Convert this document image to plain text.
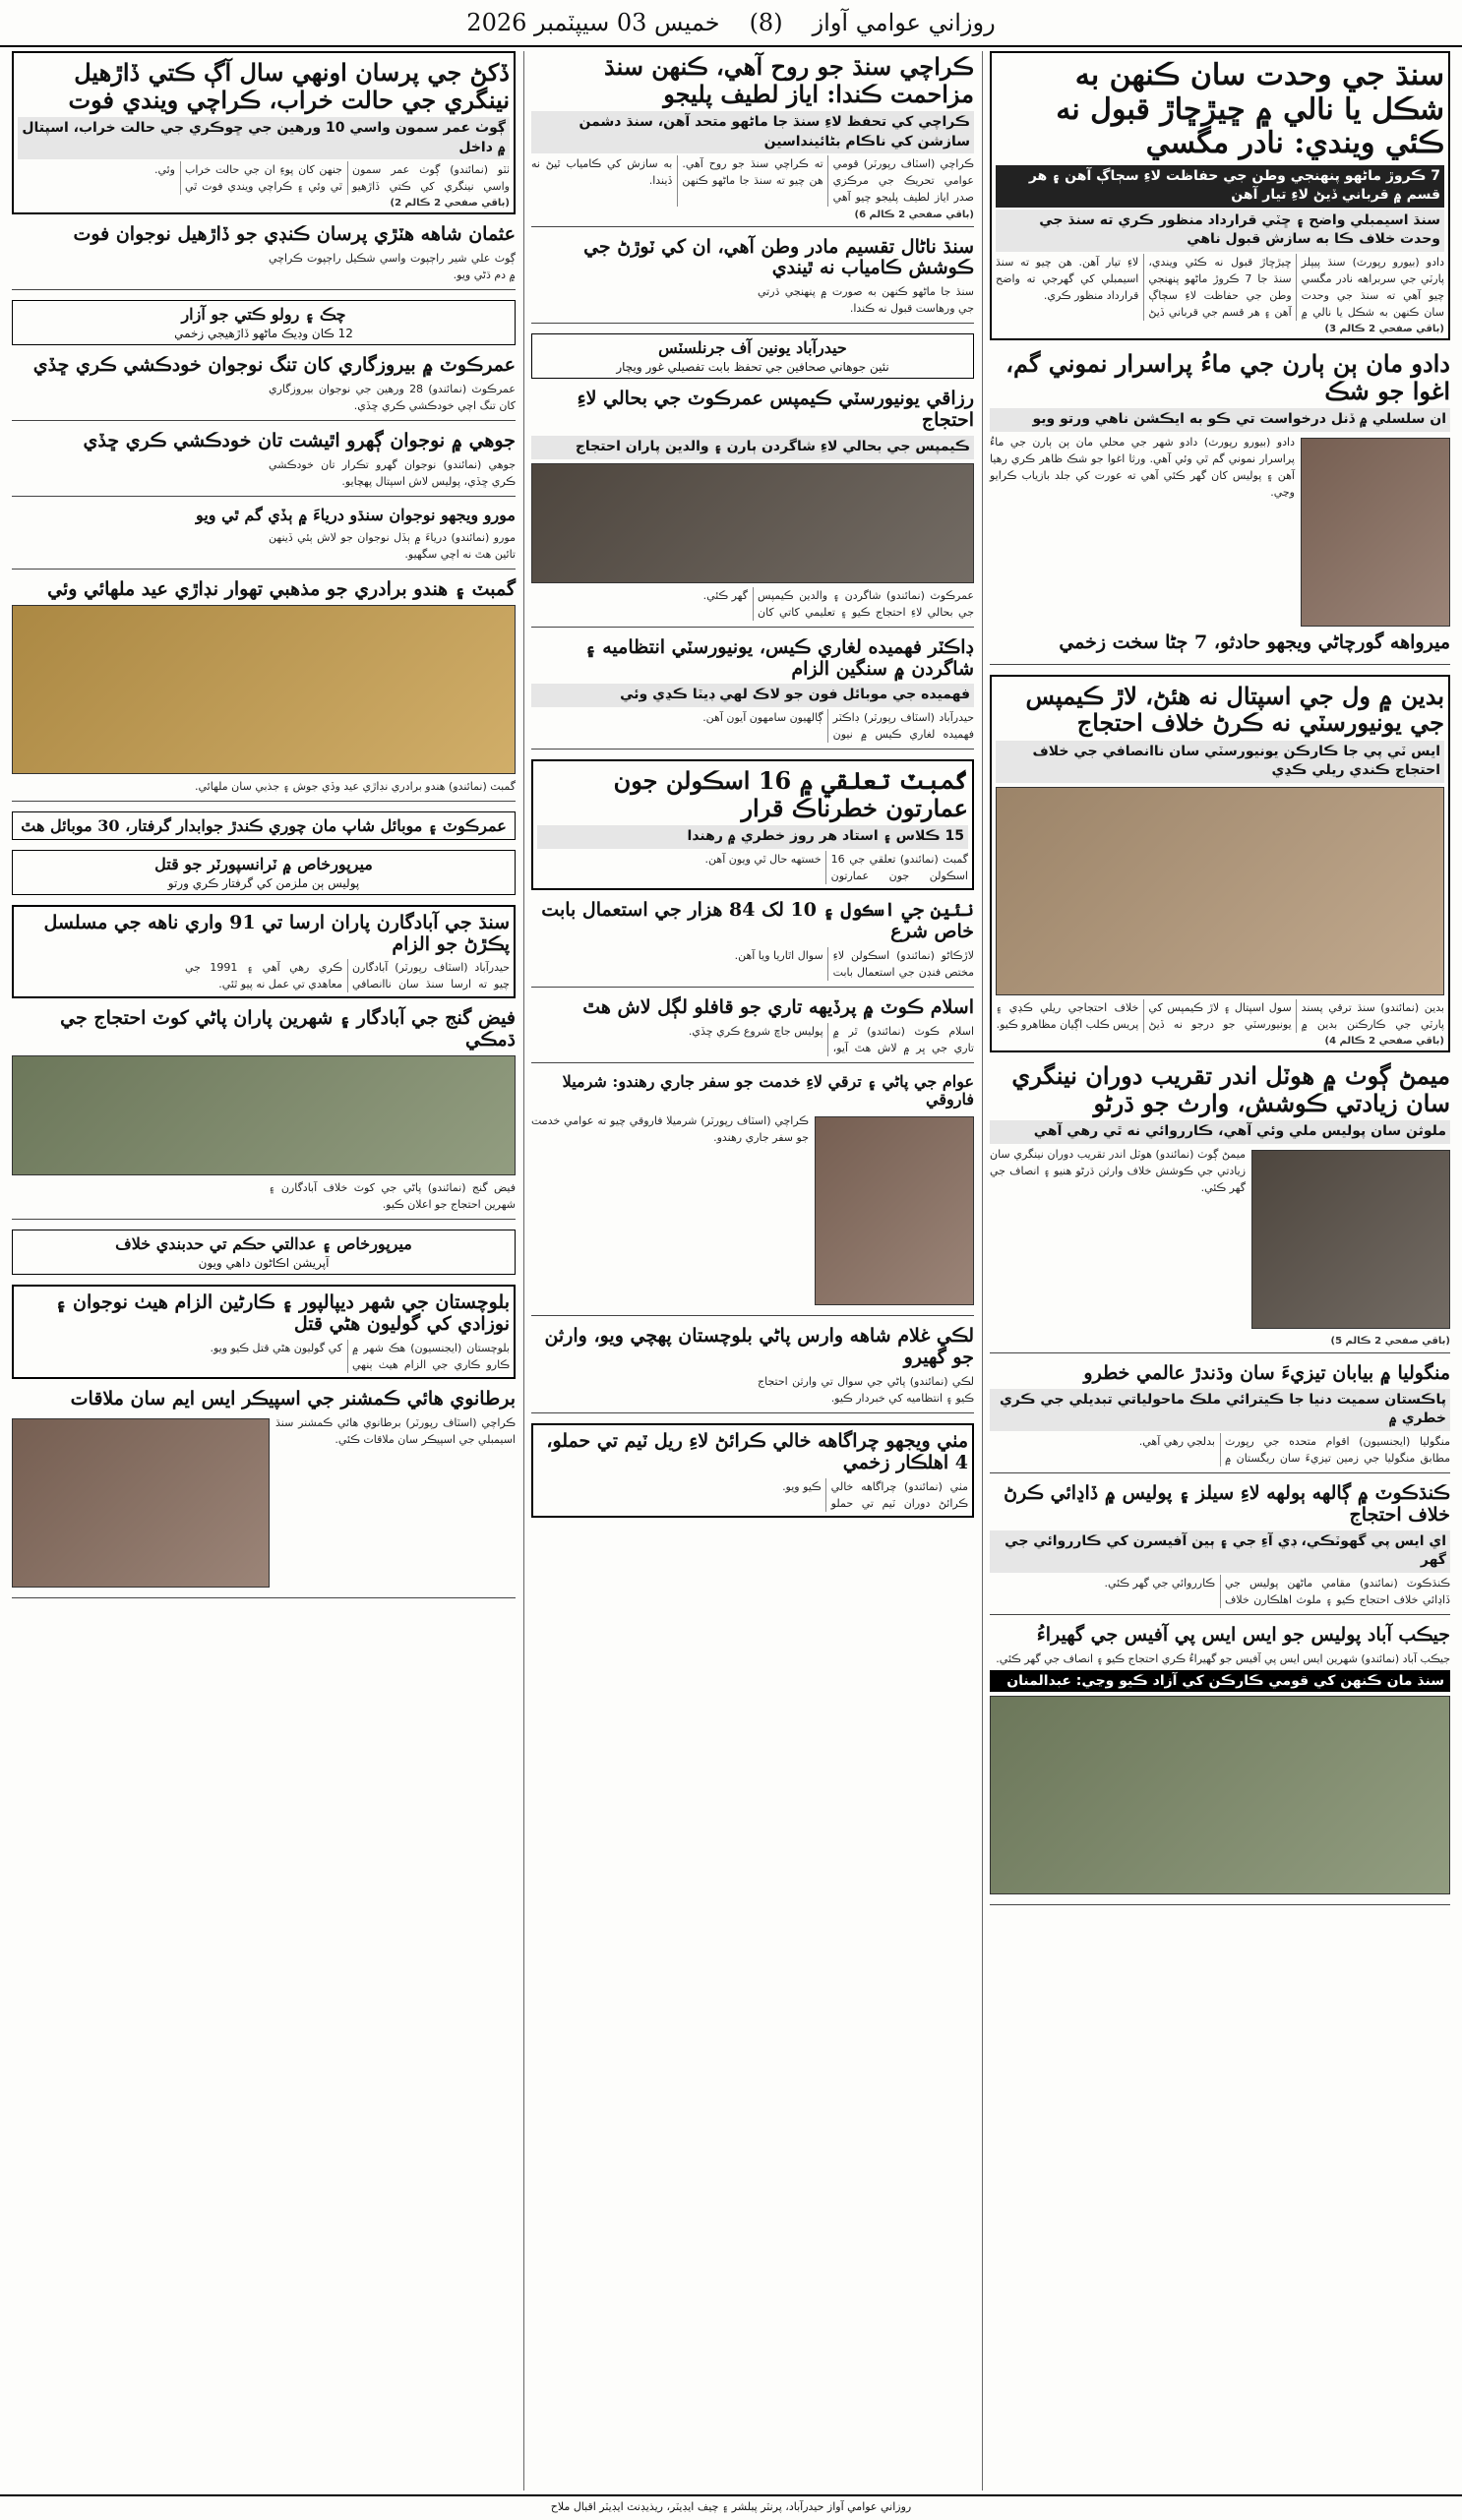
خميس 03 سيپٽمبر 2026 (8) روزاني عوامي آواز
سنڌ جي وحدت سان ڪنهن به شڪل يا نالي ۾ ڇيڙڇاڙ قبول نه ڪئي ويندي: نادر مگسي
7 ڪروڙ ماڻهو پنهنجي وطن جي حفاظت لاءِ سڄاڳ آهن ۽ هر قسم ۾ قرباني ڏيڻ لاءِ تيار آهن
سنڌ اسيمبلي واضح ۽ ڇٽي قرارداد منظور ڪري ته سنڌ جي وحدت خلاف ڪا به سازش قبول ناهي
دادو (بيورو رپورٽ) سنڌ پيپلز پارٽي جي سربراهه نادر مگسي چيو آهي ته سنڌ جي وحدت سان ڪنهن به شڪل يا نالي ۾ ڇيڙڇاڙ قبول نه ڪئي ويندي، سنڌ جا 7 ڪروڙ ماڻهو پنهنجي وطن جي حفاظت لاءِ سڄاڳ آهن ۽ هر قسم جي قرباني ڏيڻ لاءِ تيار آهن. هن چيو ته سنڌ اسيمبلي کي گهرجي ته واضح قرارداد منظور ڪري.
(باقي صفحي 2 ڪالم 3)
دادو مان ٻن ٻارن جي ماءُ پراسرار نموني گم، اغوا جو شڪ
ان سلسلي ۾ ڏنل درخواست تي ڪو به ايڪشن ناهي ورتو ويو
دادو (بيورو رپورٽ) دادو شهر جي محلي مان ٻن ٻارن جي ماءُ پراسرار نموني گم ٿي وئي آهي. ورثا اغوا جو شڪ ظاهر ڪري رهيا آهن ۽ پوليس کان گهر ڪئي آهي ته عورت کي جلد بازياب ڪرايو وڃي.
ميرواهه گورچاڻي ويجهو حادثو، 7 ڄڻا سخت زخمي
بدين ۾ ول جي اسپتال نه هئڻ، لاڙ ڪيمپس جي يونيورسٽي نه ڪرڻ خلاف احتجاج
ايس ٽي پي جا ڪارڪن يونيورسٽي سان ناانصافي جي خلاف احتجاج ڪندي ريلي ڪڍي
بدين (نمائندو) سنڌ ترقي پسند پارٽي جي ڪارڪنن بدين ۾ سول اسپتال ۽ لاڙ ڪيمپس کي يونيورسٽي جو درجو نه ڏيڻ خلاف احتجاجي ريلي ڪڍي ۽ پريس ڪلب اڳيان مظاهرو ڪيو.
(باقي صفحي 2 ڪالم 4)
ميمڻ ڳوٺ ۾ هوٽل اندر تقريب دوران نينگري سان زيادتي ڪوشش، وارث جو ڌرڻو
ملوثن سان پوليس ملي وئي آهي، ڪارروائي نه ٿي رهي آهي
ميمڻ ڳوٺ (نمائندو) هوٽل اندر تقريب دوران نينگري سان زيادتي جي ڪوشش خلاف وارثن ڌرڻو هنيو ۽ انصاف جي گهر ڪئي.
(باقي صفحي 2 ڪالم 5)
منگوليا ۾ بيابان تيزيءَ سان وڌندڙ عالمي خطرو
پاڪستان سميت دنيا جا ڪيترائي ملڪ ماحولياتي تبديلي جي ڪري خطري ۾
منگوليا (ايجنسيون) اقوام متحده جي رپورٽ مطابق منگوليا جي زمين تيزيءَ سان ريگستان ۾ بدلجي رهي آهي.
ڪنڌڪوٽ ۾ ڳالهه ٻولهه لاءِ سيلز ۽ پوليس ۾ ڏاڍائي ڪرڻ خلاف احتجاج
اي ايس پي گهوٽڪي، ڊي آءِ جي ۽ ٻين آفيسرن کي ڪارروائي جي گهر
ڪنڌڪوٽ (نمائندو) مقامي ماڻهن پوليس جي ڏاڍائي خلاف احتجاج ڪيو ۽ ملوث اهلڪارن خلاف ڪارروائي جي گهر ڪئي.
جيڪب آباد پوليس جو ايس ايس پي آفيس جي گهيراءُ
جيڪب آباد (نمائندو) شهرين ايس ايس پي آفيس جو گهيراءُ ڪري احتجاج ڪيو ۽ انصاف جي گهر ڪئي.
سنڌ مان ڪنهن کي قومي ڪارڪن کي آزاد ڪيو وڃي: عبدالمنان
ڪراچي سنڌ جو روح آهي، ڪنهن سنڌ مزاحمت ڪندا: اياز لطيف پليجو
ڪراچي کي تحفظ لاءِ سنڌ جا ماڻهو متحد آهن، سنڌ دشمن سازشن کي ناڪام بڻائينداسين
ڪراچي (اسٽاف رپورٽر) قومي عوامي تحريڪ جي مرڪزي صدر اياز لطيف پليجو چيو آهي ته ڪراچي سنڌ جو روح آهي. هن چيو ته سنڌ جا ماڻهو ڪنهن به سازش کي ڪامياب ٿيڻ نه ڏيندا.
(باقي صفحي 2 ڪالم 6)
سنڌ ناڻال تقسيم مادر وطن آهي، ان کي ٽوڙڻ جي ڪوشش ڪامياب نه ٿيندي
سنڌ جا ماڻهو ڪنهن به صورت ۾ پنهنجي ڌرتي جي ورهاست قبول نه ڪندا.
حيدرآباد يونين آف جرنلسٽس
نئين جوهاني صحافين جي تحفظ بابت تفصيلي غور ويچار
رزاقي يونيورسٽي ڪيمپس عمرڪوٽ جي بحالي لاءِ احتجاج
ڪيمپس جي بحالي لاءِ شاگردن ٻارن ۽ والدين پاران احتجاج
عمرڪوٽ (نمائندو) شاگردن ۽ والدين ڪيمپس جي بحالي لاءِ احتجاج ڪيو ۽ تعليمي کاتي کان گهر ڪئي.
ڊاڪٽر فهميده لغاري ڪيس، يونيورسٽي انتظاميه ۽ شاگردن ۾ سنگين الزام
فهميده جي موبائل فون جو لاڪ لهي ڊيٽا ڪڍي وئي
حيدرآباد (اسٽاف رپورٽر) ڊاڪٽر فهميده لغاري ڪيس ۾ نيون ڳالهيون سامهون آيون آهن.
گمبٽ تعلقي ۾ 16 اسڪولن جون عمارتون خطرناڪ قرار
15 ڪلاس ۽ استاد هر روز خطري ۾ رهندا
گمبٽ (نمائندو) تعلقي جي 16 اسڪولن جون عمارتون خستهه حال ٿي ويون آهن.
نئين جي اسڪول ۽ 10 لک 84 هزار جي استعمال بابت خاص شرع
لاڙڪاڻو (نمائندو) اسڪولن لاءِ مختص فنڊن جي استعمال بابت سوال اٿاريا ويا آهن.
اسلام ڪوٽ ۾ پرڏيهه تاري جو قافلو لڳل لاش هٿ
اسلام ڪوٽ (نمائندو) ٿر ۾ تاري جي ڀر ۾ لاش هٿ آيو، پوليس جاچ شروع ڪري ڇڏي.
عوام جي پاڻي ۽ ترقي لاءِ خدمت جو سفر جاري رهندو: شرميلا فاروقي
ڪراچي (اسٽاف رپورٽر) شرميلا فاروقي چيو ته عوامي خدمت جو سفر جاري رهندو.
لڪي غلام شاهه وارس پاڻي بلوچستان پهچي ويو، وارثن جو گهيرو
لڪي (نمائندو) پاڻي جي سوال تي وارثن احتجاج ڪيو ۽ انتظاميه کي خبردار ڪيو.
مٺي ويجهو چراگاهه خالي ڪرائڻ لاءِ ريل ٽيم تي حملو، 4 اهلڪار زخمي
مٺي (نمائندو) چراگاهه خالي ڪرائڻ دوران ٽيم تي حملو ڪيو ويو.
ڏکڻ جي پرسان اونهي سال آڳ ڪتي ڏاڙهيل نينگري جي حالت خراب، ڪراچي ويندي فوت
ڳوٺ عمر سمون واسي 10 ورهين جي ڇوڪري جي حالت خراب، اسپتال ۾ داخل
ٺٽو (نمائندو) ڳوٺ عمر سمون واسي نينگري کي ڪتي ڏاڙهيو جنهن کان پوءِ ان جي حالت خراب ٿي وئي ۽ ڪراچي ويندي فوت ٿي وئي.
(باقي صفحي 2 ڪالم 2)
عثمان شاهه هٽڙي پرسان ڪنڊي جو ڏاڙهيل نوجوان فوت
ڳوٺ علي شير راڄپوت واسي شڪيل راڄپوت ڪراچي ۾ دم ڌڻي ويو.
چڪ ۽ رولو ڪتي جو آزار
12 ڪان وڊيڪ ماڻهو ڏاڙهيجي زخمي
عمرڪوٽ ۾ بيروزگاري کان تنگ نوجوان خودڪشي ڪري ڇڏي
عمرڪوٽ (نمائندو) 28 ورهين جي نوجوان بيروزگاري کان تنگ اچي خودڪشي ڪري ڇڏي.
جوهي ۾ نوجوان ڳهرو اٿيشت تان خودڪشي ڪري ڇڏي
جوهي (نمائندو) نوجوان گهرو تڪرار تان خودڪشي ڪري ڇڏي، پوليس لاش اسپتال پهچايو.
مورو ويجهو نوجوان سنڌو درياءَ ۾ ٻڏي گم ٿي ويو
مورو (نمائندو) درياءَ ۾ ٻڏل نوجوان جو لاش ٻئي ڏينهن تائين هٿ نه اچي سگهيو.
گمبٽ ۽ هندو برادري جو مذهبي تهوار نڊاڙي عيد ملهائي وئي
گمبٽ (نمائندو) هندو برادري نڊاڙي عيد وڏي جوش ۽ جذبي سان ملهائي.
عمرڪوٽ ۽ موبائل شاپ مان چوري ڪندڙ جوابدار گرفتار، 30 موبائل هٿ
ميرپورخاص ۾ ٽرانسپورٽر جو قتل
پوليس ٻن ملزمن کي گرفتار ڪري ورتو
سنڌ جي آبادگارن پاران ارسا تي 91 واري ناهه جي مسلسل پڪڙڻ جو الزام
حيدرآباد (اسٽاف رپورٽر) آبادگارن چيو ته ارسا سنڌ سان ناانصافي ڪري رهي آهي ۽ 1991 جي معاهدي تي عمل نه پيو ٿئي.
فيض گنج جي آبادگار ۽ شهرين پاران پاڻي کوٽ احتجاج جي ڌمڪي
فيض گنج (نمائندو) پاڻي جي کوٽ خلاف آبادگارن ۽ شهرين احتجاج جو اعلان ڪيو.
ميرپورخاص ۽ عدالتي حڪم تي حدبندي خلاف
آپريشن اڪاڻون داهي ويون
بلوچستان جي شهر ديپالپور ۽ ڪارڻين الزام هيٺ نوجوان ۽ نوزادي کي گوليون هڻي قتل
بلوچستان (ايجنسيون) هڪ شهر ۾ ڪارو ڪاري جي الزام هيٺ ٻنهي کي گوليون هڻي قتل ڪيو ويو.
برطانوي هائي ڪمشنر جي اسپيڪر ايس ايم سان ملاقات
ڪراچي (اسٽاف رپورٽر) برطانوي هائي ڪمشنر سنڌ اسيمبلي جي اسپيڪر سان ملاقات ڪئي.
روزاني عوامي آواز حيدرآباد، پرنٽر پبلشر ۽ چيف ايڊيٽر، ريذيڊنٽ ايڊيٽر اقبال ملاح
